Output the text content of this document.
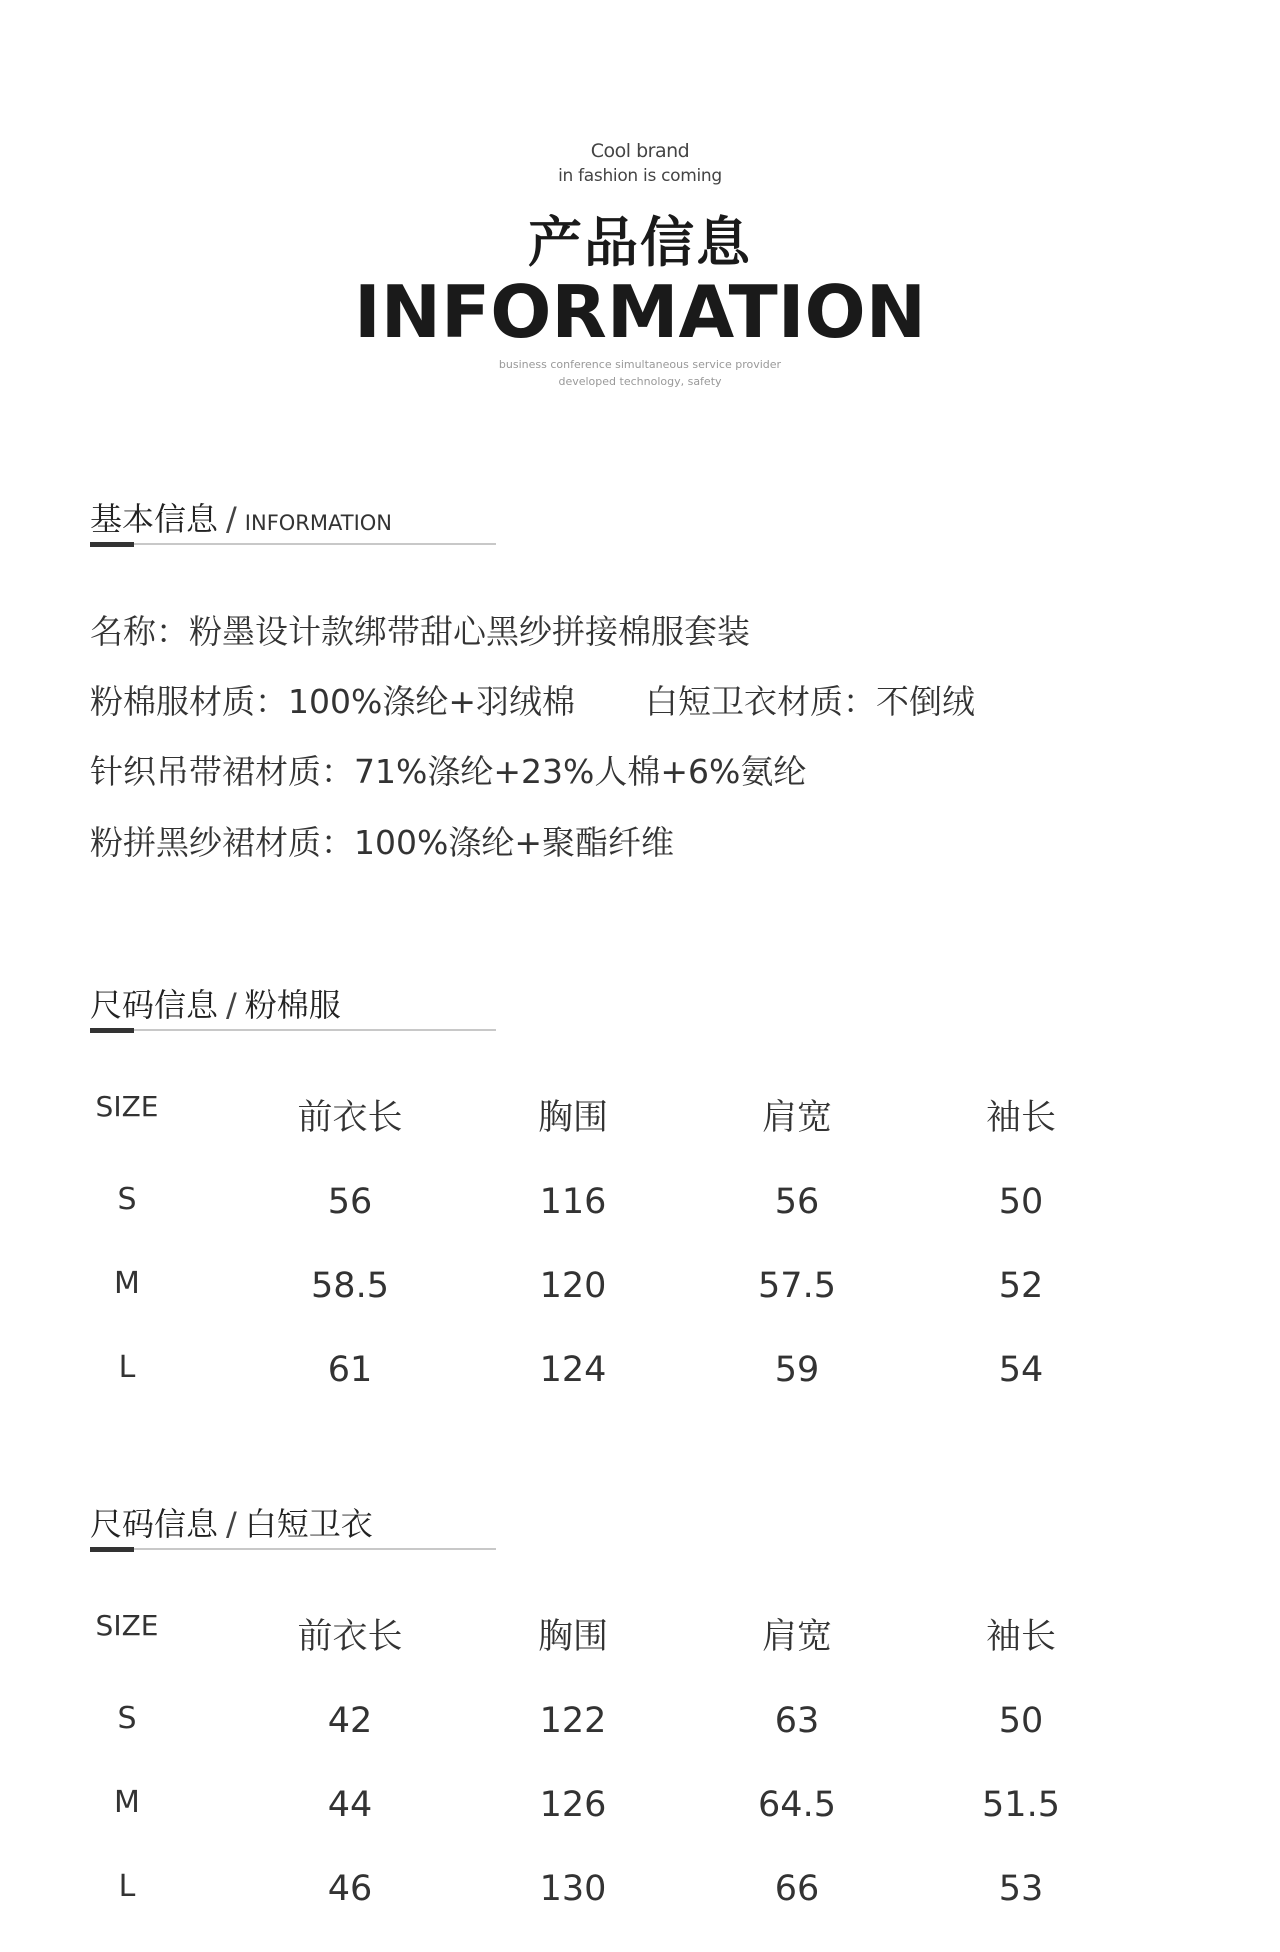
Cool brand
in fashion is coming
产品信息
INFORMATION
business conference simultaneous service provider
developed technology, safety
基本信息 / INFORMATION
名称：粉墨设计款绑带甜心黑纱拼接棉服套装
粉棉服材质：100%涤纶+羽绒棉 白短卫衣材质：不倒绒
针织吊带裙材质：71%涤纶+23%人棉+6%氨纶
粉拼黑纱裙材质：100%涤纶+聚酯纤维
尺码信息 / 粉棉服
SIZE	前衣长	胸围	肩宽	袖长
S	56	116	56	50
M	58.5	120	57.5	52
L	61	124	59	54
尺码信息 / 白短卫衣
SIZE	前衣长	胸围	肩宽	袖长
S	42	122	63	50
M	44	126	64.5	51.5
L	46	130	66	53
